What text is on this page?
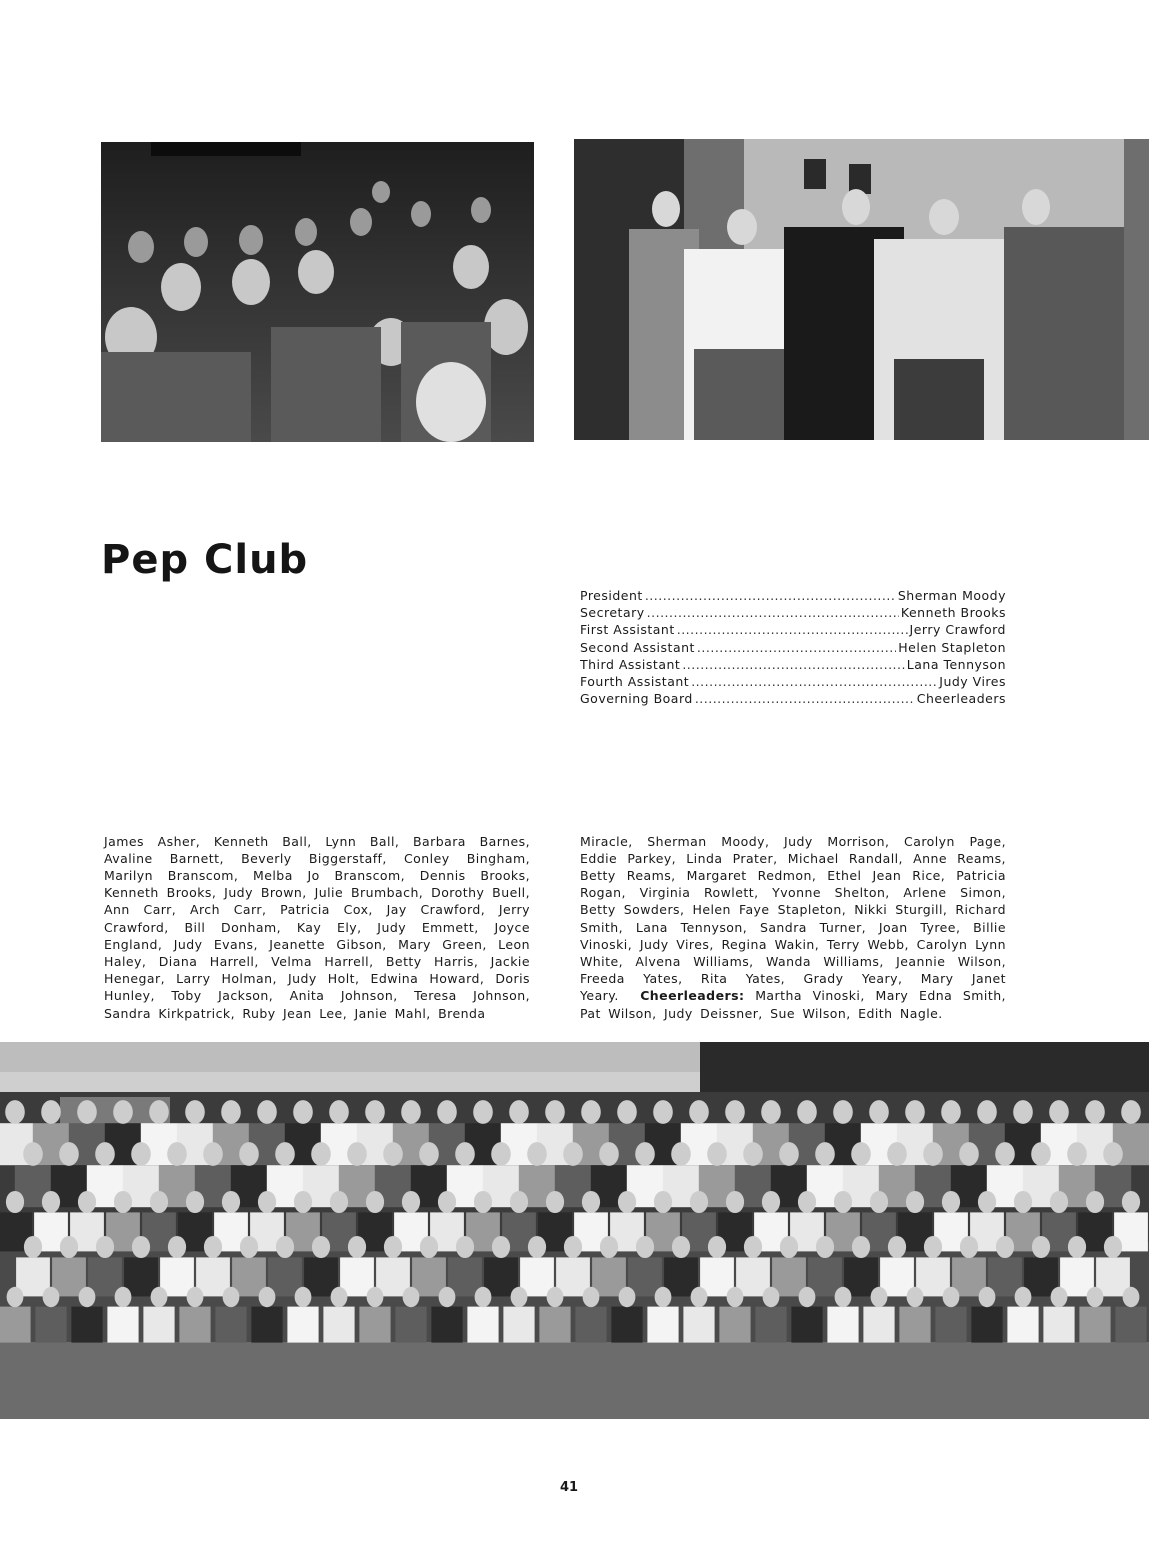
Pep Club
President .....	Sherman Moody
Secretary .....	Kenneth Brooks
First Assistant .....	Jerry Crawford
Second Assistant .....	Helen Stapleton
Third Assistant .....	Lana Tennyson
Fourth Assistant .....	Judy Vires
Governing Board .....	Cheerleaders

James Asher, Kenneth Ball, Lynn Ball, Barbara Barnes, Avaline Barnett, Beverly Biggerstaff, Conley Bingham, Marilyn Branscom, Melba Jo Branscom, Dennis Brooks, Kenneth Brooks, Judy Brown, Julie Brumbach, Dorothy Buell, Ann Carr, Arch Carr, Patricia Cox, Jay Crawford, Jerry Crawford, Bill Donham, Kay Ely, Judy Emmett, Joyce England, Judy Evans, Jeanette Gibson, Mary Green, Leon Haley, Diana Harrell, Velma Harrell, Betty Harris, Jackie Henegar, Larry Holman, Judy Holt, Edwina Howard, Doris Hunley, Toby Jackson, Anita Johnson, Teresa Johnson, Sandra Kirkpatrick, Ruby Jean Lee, Janie Mahl, Brenda

Miracle, Sherman Moody, Judy Morrison, Carolyn Page, Eddie Parkey, Linda Prater, Michael Randall, Anne Reams, Betty Reams, Margaret Redmon, Ethel Jean Rice, Patricia Rogan, Virginia Rowlett, Yvonne Shelton, Arlene Simon, Betty Sowders, Helen Faye Stapleton, Nikki Sturgill, Richard Smith, Lana Tennyson, Sandra Turner, Joan Tyree, Billie Vinoski, Judy Vires, Regina Wakin, Terry Webb, Carolyn Lynn White, Alvena Williams, Wanda Williams, Jeannie Wilson, Freeda Yates, Rita Yates, Grady Yeary, Mary Janet Yeary. Cheerleaders: Martha Vinoski, Mary Edna Smith, Pat Wilson, Judy Deissner, Sue Wilson, Edith Nagle.

41
